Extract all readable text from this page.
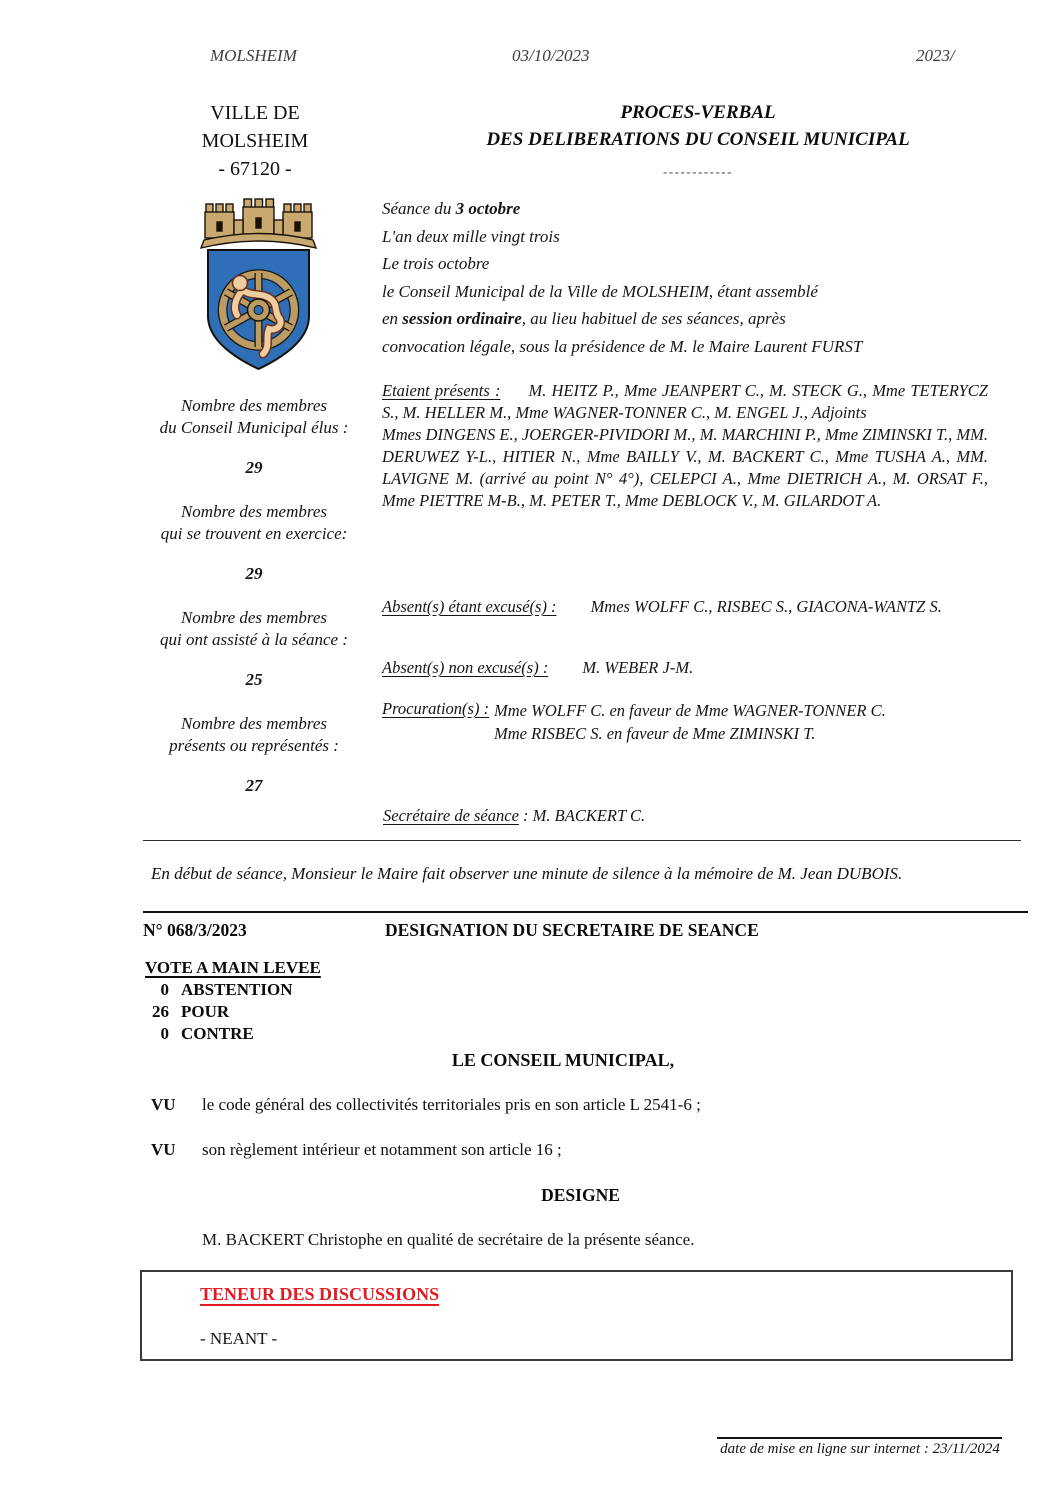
MOLSHEIM	03/10/2023	2023/
VILLE DE
MOLSHEIM
- 67120 -
Nombre des membres
du Conseil Municipal élus :
29
Nombre des membres
qui se trouvent en exercice:
29
Nombre des membres
qui ont assisté à la séance :
25
Nombre des membres
présents ou représentés :
27
PROCES-VERBAL
DES DELIBERATIONS DU CONSEIL MUNICIPAL
------------
Séance du 3 octobre
L'an deux mille vingt trois
Le trois octobre
le Conseil Municipal de la Ville de MOLSHEIM, étant assemblé
en session ordinaire, au lieu habituel de ses séances, après
convocation légale, sous la présidence de M. le Maire Laurent FURST

Etaient présents : M. HEITZ P., Mme JEANPERT C., M. STECK G., Mme TETERYCZ S., M. HELLER M., Mme WAGNER-TONNER C., M. ENGEL J., Adjoints

Mmes DINGENS E., JOERGER-PIVIDORI M., M. MARCHINI P., Mme ZIMINSKI T., MM. DERUWEZ Y-L., HITIER N., Mme BAILLY V., M. BACKERT C., Mme TUSHA A., MM. LAVIGNE M. (arrivé au point N° 4°), CELEPCI A., Mme DIETRICH A., M. ORSAT F., Mme PIETTRE M-B., M. PETER T., Mme DEBLOCK V., M. GILARDOT A.

Absent(s) étant excusé(s) : Mmes WOLFF C., RISBEC S., GIACONA-WANTZ S.
Absent(s) non excusé(s) : M. WEBER J-M.
Procuration(s) : Mme WOLFF C. en faveur de Mme WAGNER-TONNER C.
Mme RISBEC S. en faveur de Mme ZIMINSKI T.
Secrétaire de séance : M. BACKERT C.
En début de séance, Monsieur le Maire fait observer une minute de silence à la mémoire de M. Jean DUBOIS.
N° 068/3/2023	DESIGNATION DU SECRETAIRE DE SEANCE
VOTE A MAIN LEVEE
0 ABSTENTION
26 POUR
0 CONTRE
LE CONSEIL MUNICIPAL,
VU le code général des collectivités territoriales pris en son article L 2541-6 ;
VU son règlement intérieur et notamment son article 16 ;
DESIGNE
M. BACKERT Christophe en qualité de secrétaire de la présente séance.
TENEUR DES DISCUSSIONS
- NEANT -
date de mise en ligne sur internet : 23/11/2024
